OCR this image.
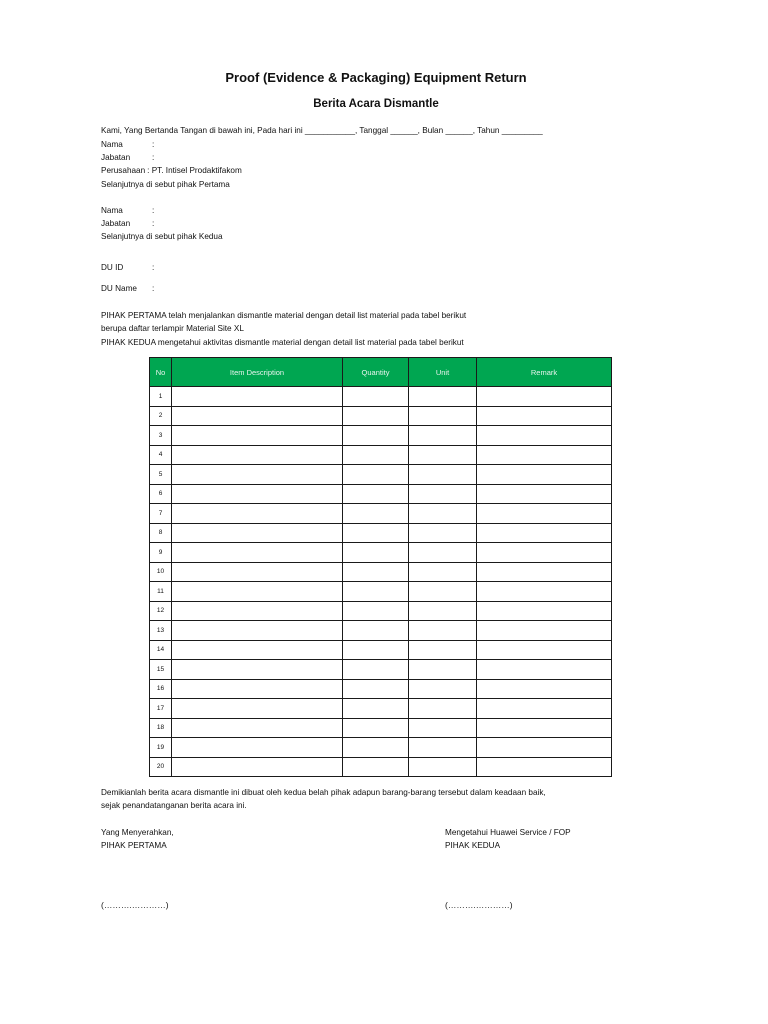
Proof (Evidence & Packaging) Equipment Return
Berita Acara Dismantle
Kami, Yang Bertanda Tangan di bawah ini, Pada hari ini ___________, Tanggal ______, Bulan ______, Tahun _________
Nama	:
Jabatan	:
Perusahaan : PT. Intisel Prodaktifakom
Selanjutnya di sebut pihak Pertama
Nama	:
Jabatan	:
Selanjutnya di sebut pihak Kedua
DU ID	:
DU Name	:
PIHAK PERTAMA telah menjalankan dismantle material dengan detail list material pada tabel berikut
berupa daftar terlampir Material Site XL
PIHAK KEDUA mengetahui aktivitas dismantle material dengan detail list material pada tabel berikut
No	Item Description	Quantity	Unit	Remark
1				
2				
3				
4				
5				
6				
7				
8				
9				
10				
11				
12				
13				
14				
15				
16				
17				
18				
19				
20				
Demikianlah berita acara dismantle ini dibuat oleh kedua belah pihak adapun barang-barang tersebut dalam keadaan baik,
sejak penandatanganan berita acara ini.
Yang Menyerahkan,
PIHAK PERTAMA
Mengetahui Huawei Service / FOP
PIHAK KEDUA
(……….…………)	(……….…………)
